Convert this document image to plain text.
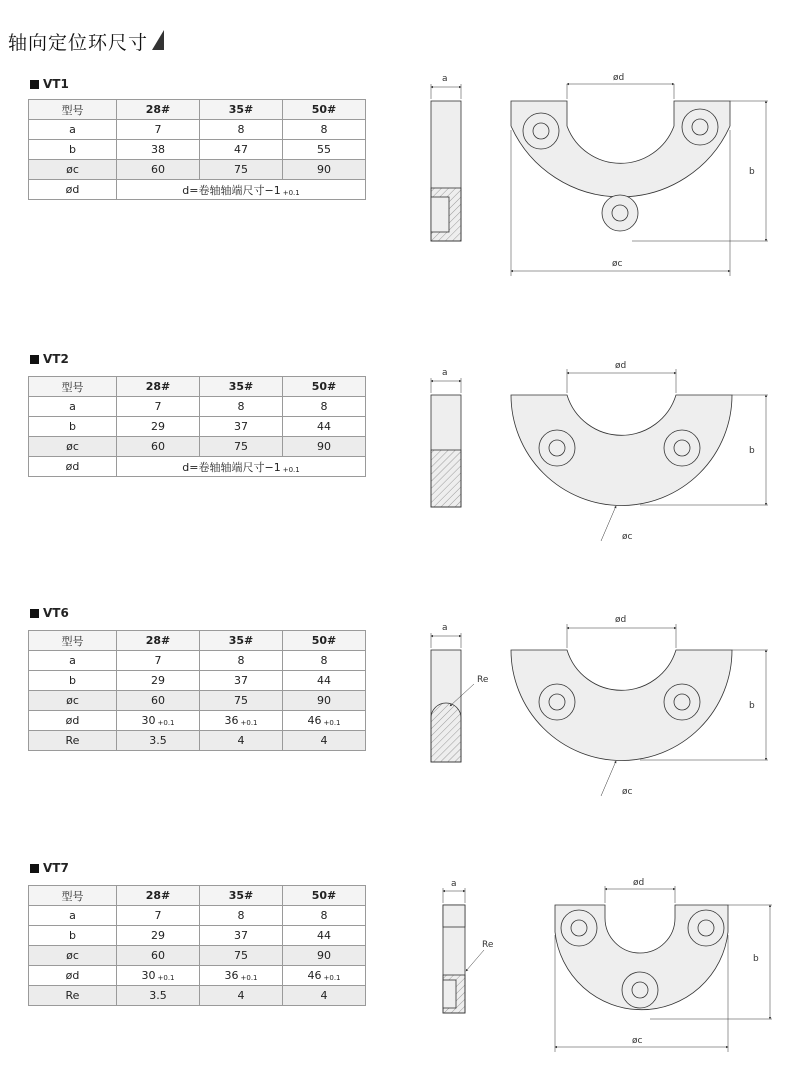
轴向定位环尺寸
VT1
型号	28#	35#	50#
a	7	8	8
b	38	47	55
øc	60	75	90
ød	d=卷轴轴端尺寸−1 $_{+0.1}$
VT2
型号	28#	35#	50#
a	7	8	8
b	29	37	44
øc	60	75	90
ød	d=卷轴轴端尺寸−1 $_{+0.1}$
VT6
型号	28#	35#	50#
a	7	8	8
b	29	37	44
øc	60	75	90
ød	30 $_{+0.1}$	36 $_{+0.1}$	46 $_{+0.1}$
Re	3.5	4	4
VT7
型号	28#	35#	50#
a	7	8	8
b	29	37	44
øc	60	75	90
ød	30 $_{+0.1}$	36 $_{+0.1}$	46 $_{+0.1}$
Re	3.5	4	4
a	ød
b
øc
a
ød
b
øc
a
Re
ød
b
øc
a
Re
ød
b
øc
